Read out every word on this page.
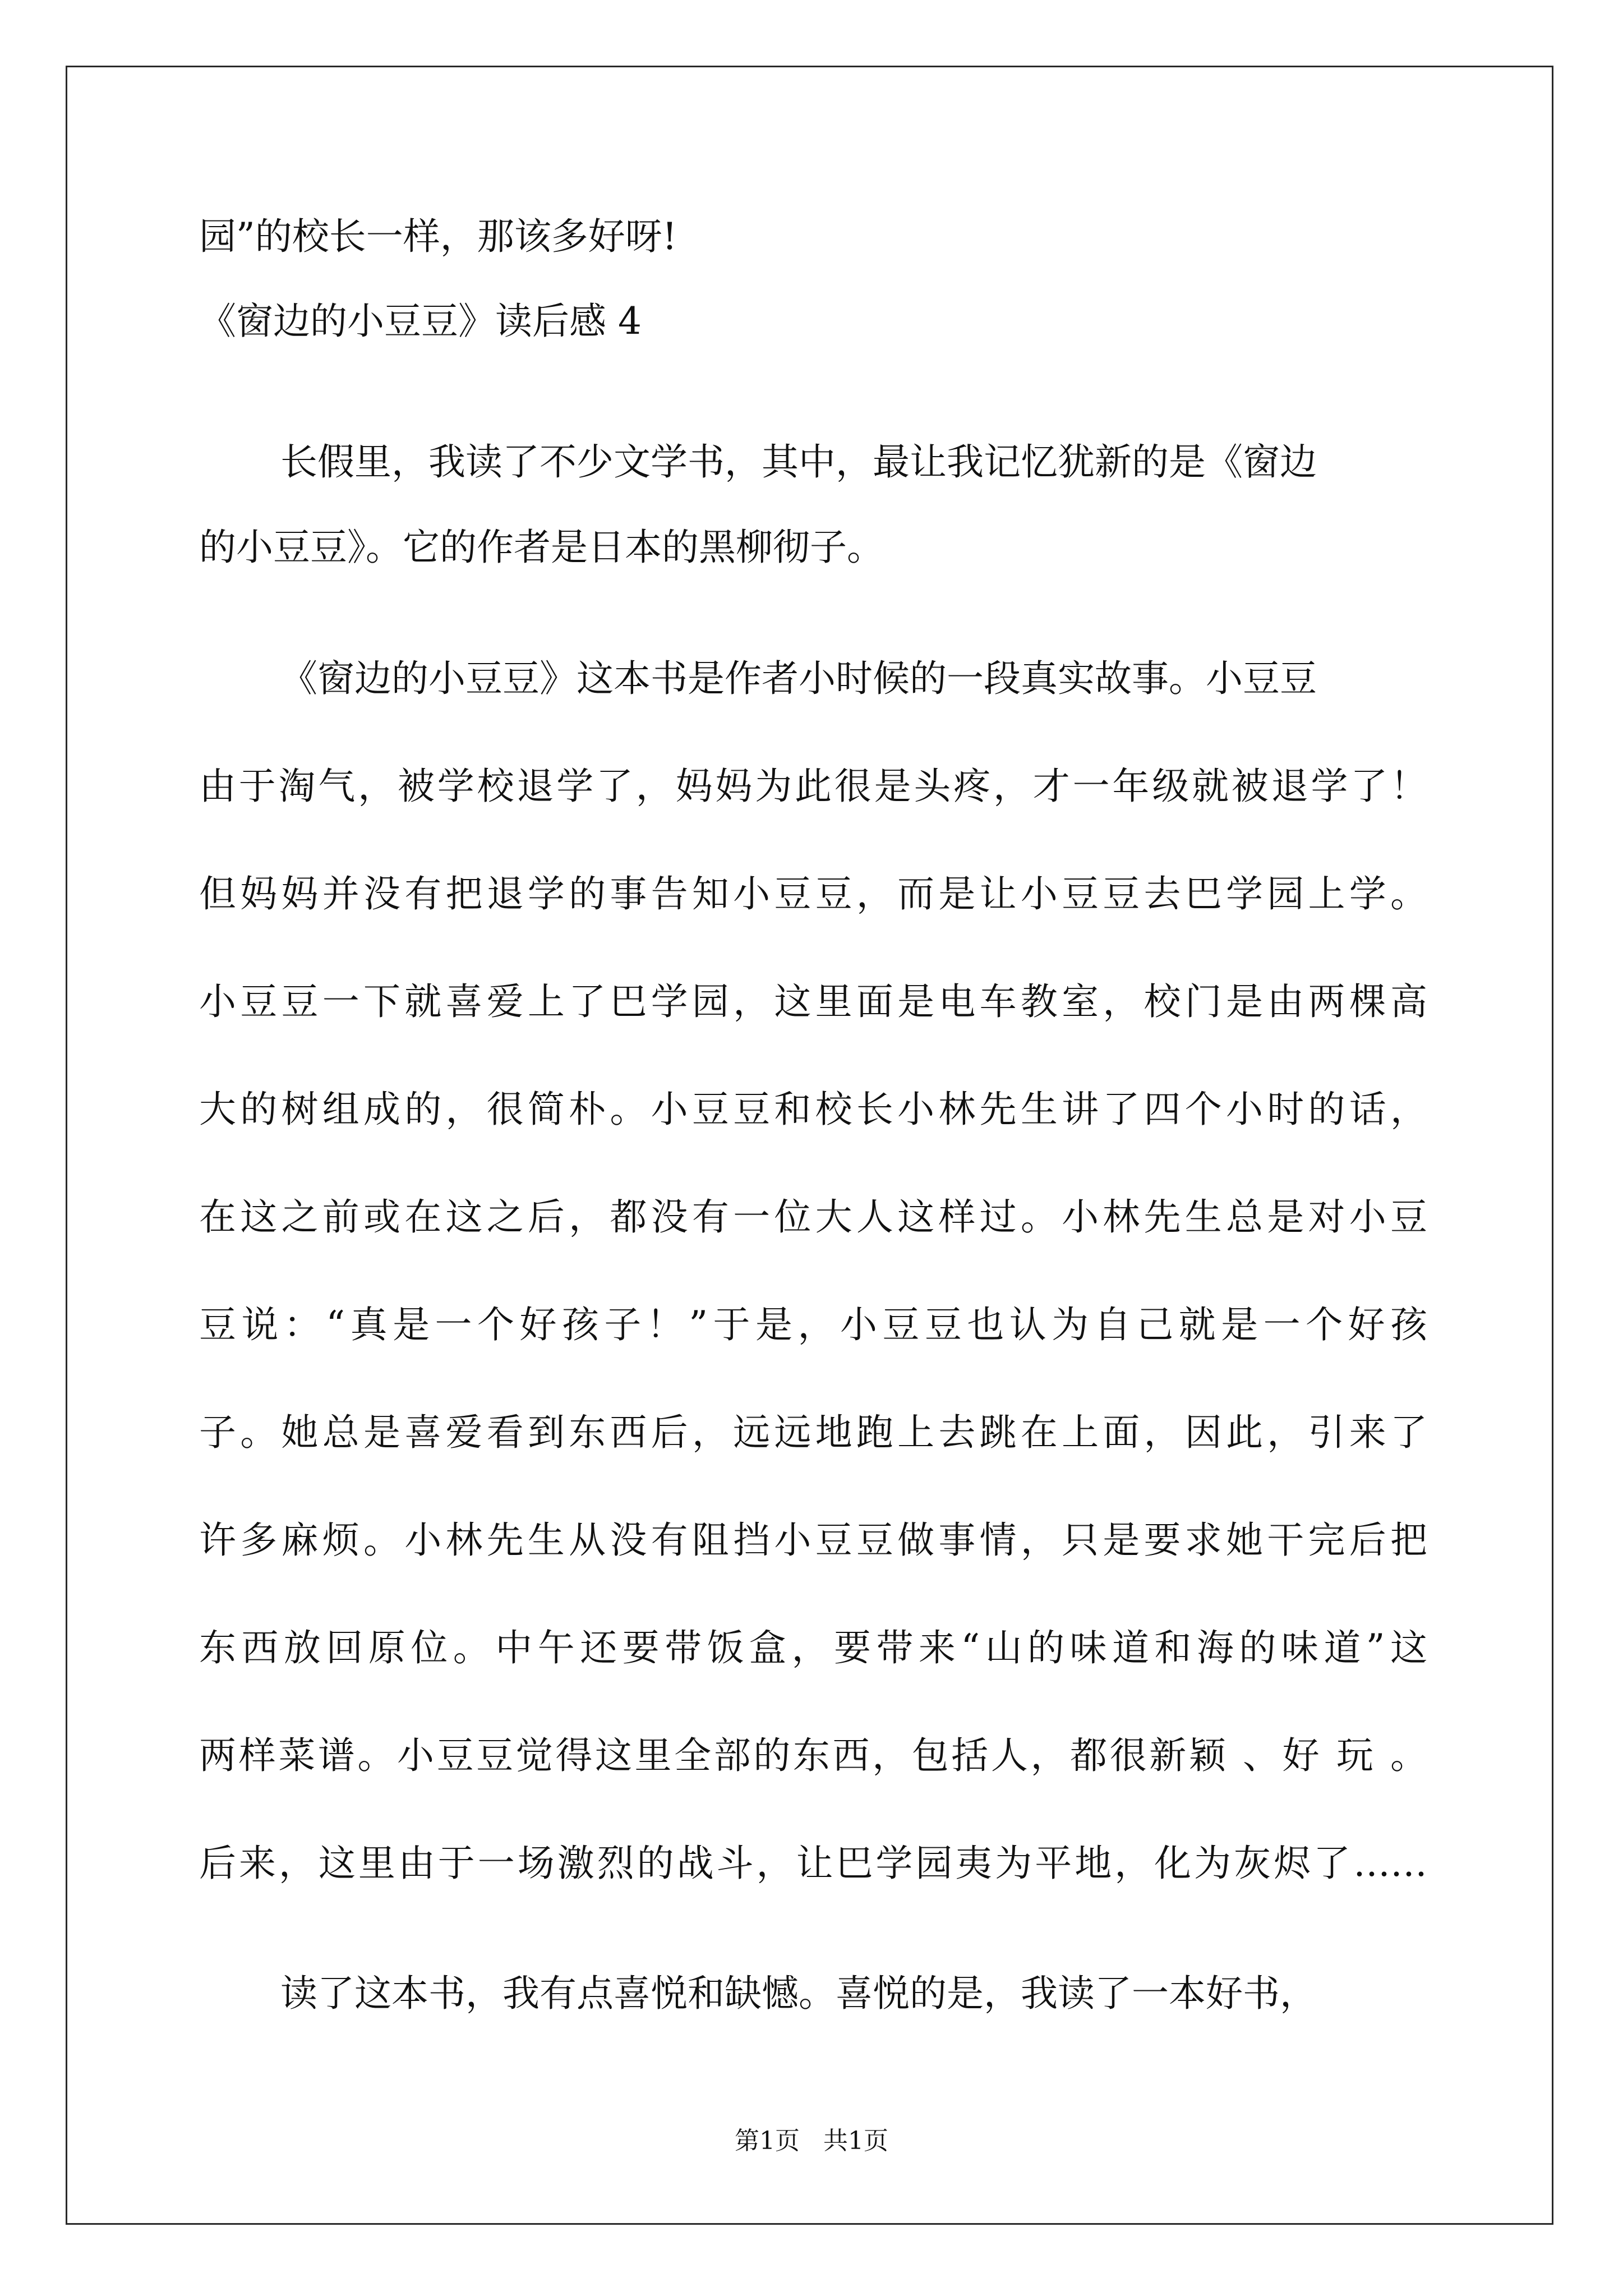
园”的校长一样，那该多好呀!
《窗边的小豆豆》读后感 4
长假里，我读了不少文学书，其中，最让我记忆犹新的是《窗边
的小豆豆》。它的作者是日本的黑柳彻子。
《窗边的小豆豆》这本书是作者小时候的一段真实故事。小豆豆
由于淘气，被学校退学了，妈妈为此很是头疼，才一年级就被退学了！
但妈妈并没有把退学的事告知小豆豆，而是让小豆豆去巴学园上学。
小豆豆一下就喜爱上了巴学园，这里面是电车教室，校门是由两棵高
大的树组成的，很简朴。小豆豆和校长小林先生讲了四个小时的话，
在这之前或在这之后，都没有一位大人这样过。小林先生总是对小豆
豆说：“真是一个好孩子！”于是，小豆豆也认为自己就是一个好孩
子。她总是喜爱看到东西后，远远地跑上去跳在上面，因此，引来了
许多麻烦。小林先生从没有阻挡小豆豆做事情，只是要求她干完后把
东西放回原位。中午还要带饭盒，要带来“山的味道和海的味道”这
两样菜谱。小豆豆觉得这里全部的东西，包括人，都很新颖 、好 玩 。
后来，这里由于一场激烈的战斗，让巴学园夷为平地，化为灰烬了……
读了这本书，我有点喜悦和缺憾。喜悦的是，我读了一本好书，
第1页   共1页
